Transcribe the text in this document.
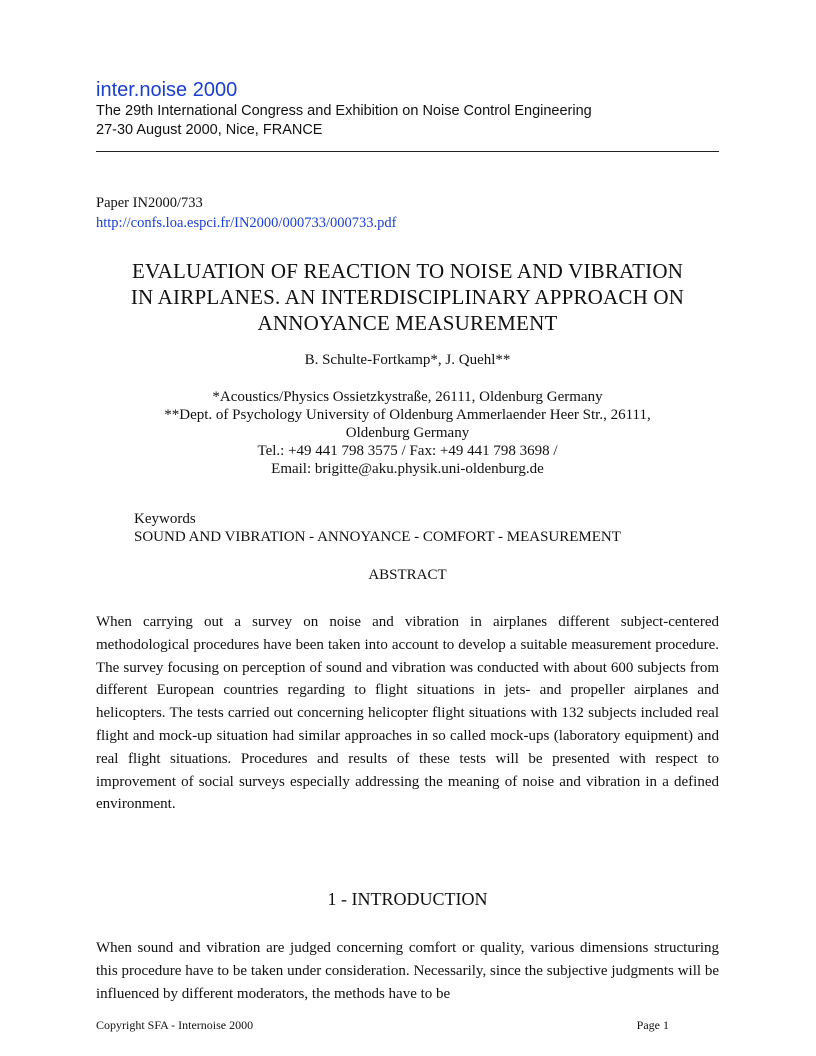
inter.noise 2000
The 29th International Congress and Exhibition on Noise Control Engineering
27-30 August 2000, Nice, FRANCE
Paper IN2000/733
http://confs.loa.espci.fr/IN2000/000733/000733.pdf
EVALUATION OF REACTION TO NOISE AND VIBRATION
IN AIRPLANES. AN INTERDISCIPLINARY APPROACH ON
ANNOYANCE MEASUREMENT
B. Schulte-Fortkamp*, J. Quehl**
*Acoustics/Physics Ossietzkystraße, 26111, Oldenburg Germany
**Dept. of Psychology University of Oldenburg Ammerlaender Heer Str., 26111,
Oldenburg Germany
Tel.: +49 441 798 3575 / Fax: +49 441 798 3698 /
Email: brigitte@aku.physik.uni-oldenburg.de
Keywords
SOUND AND VIBRATION - ANNOYANCE - COMFORT - MEASUREMENT
ABSTRACT

When carrying out a survey on noise and vibration in airplanes different subject-centered methodological procedures have been taken into account to develop a suitable measurement procedure. The survey focusing on perception of sound and vibration was conducted with about 600 subjects from different European countries regarding to flight situations in jets- and propeller airplanes and helicopters. The tests carried out concerning helicopter flight situations with 132 subjects included real flight and mock-up situation had similar approaches in so called mock-ups (laboratory equipment) and real flight situations. Procedures and results of these tests will be presented with respect to improvement of social surveys especially addressing the meaning of noise and vibration in a defined environment.

1 - INTRODUCTION

When sound and vibration are judged concerning comfort or quality, various dimensions structuring this procedure have to be taken under consideration. Necessarily, since the subjective judgments will be influenced by different moderators, the methods have to be

Copyright SFA - Internoise 2000	Page 1
